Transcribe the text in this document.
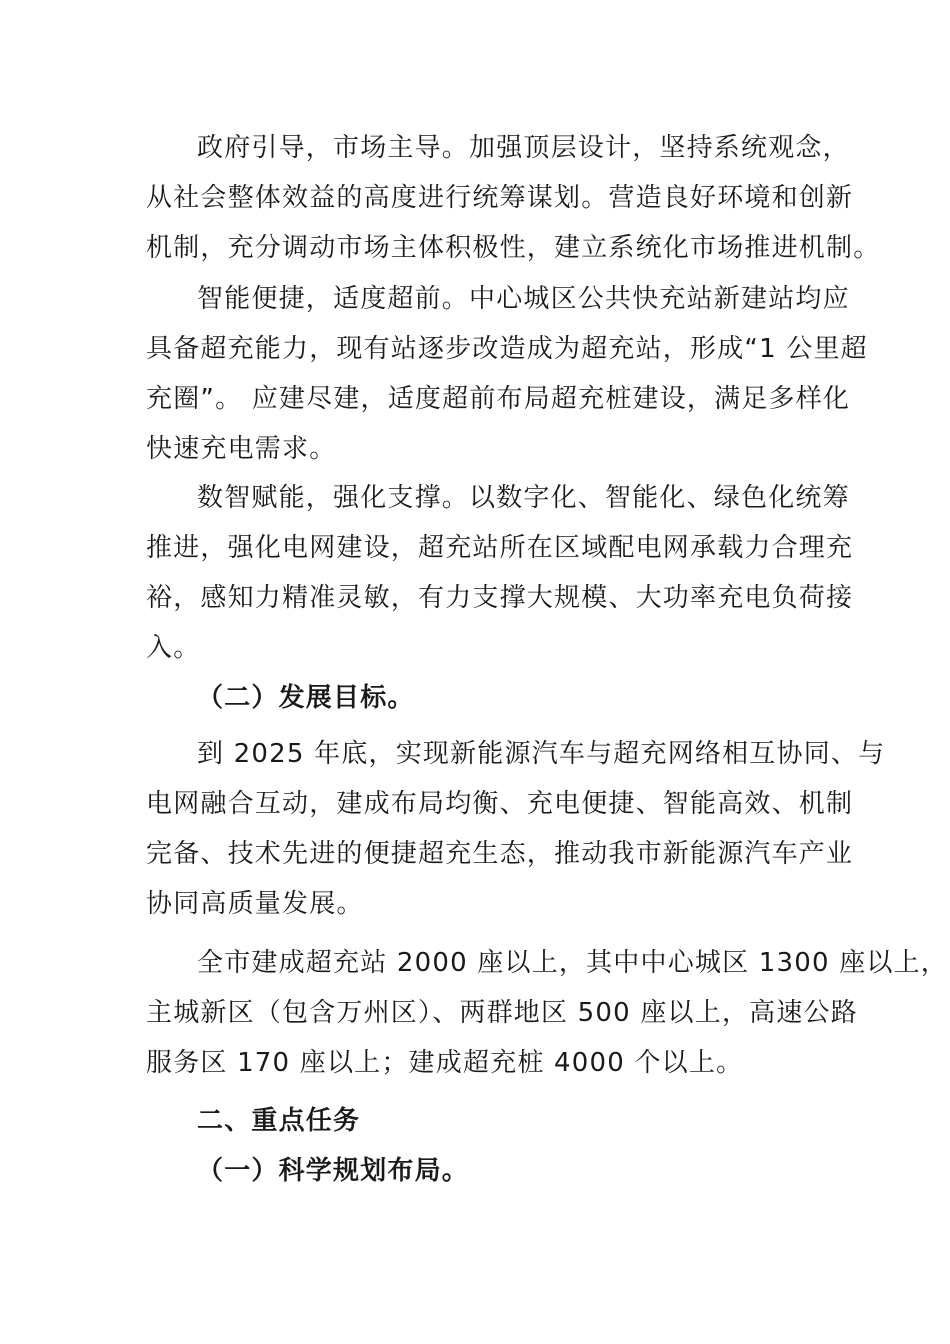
政府引导，市场主导。加强顶层设计，坚持系统观念，
从社会整体效益的高度进行统筹谋划。营造良好环境和创新
机制，充分调动市场主体积极性，建立系统化市场推进机制。
智能便捷，适度超前。中心城区公共快充站新建站均应
具备超充能力，现有站逐步改造成为超充站，形成“1 公里超
充圈”。 应建尽建，适度超前布局超充桩建设，满足多样化
快速充电需求。
数智赋能，强化支撑。以数字化、智能化、绿色化统筹
推进，强化电网建设，超充站所在区域配电网承载力合理充
裕，感知力精准灵敏，有力支撑大规模、大功率充电负荷接
入。
（二）发展目标。
到 2025 年底，实现新能源汽车与超充网络相互协同、与
电网融合互动，建成布局均衡、充电便捷、智能高效、机制
完备、技术先进的便捷超充生态，推动我市新能源汽车产业
协同高质量发展。
全市建成超充站 2000 座以上，其中中心城区 1300 座以上，
主城新区（包含万州区）、两群地区 500 座以上，高速公路
服务区 170 座以上；建成超充桩 4000 个以上。
二、重点任务
（一）科学规划布局。
